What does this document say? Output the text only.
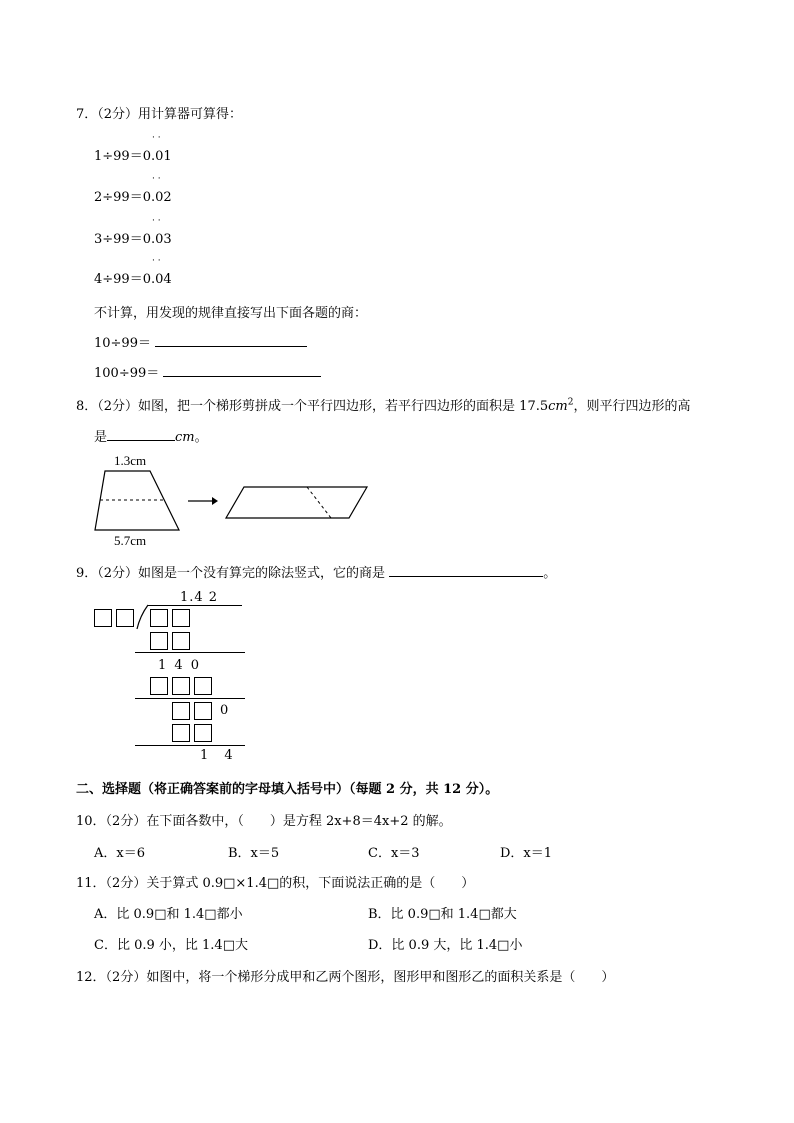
7．（2分）用计算器可算得：
1÷99＝0.01
· ·
2÷99＝0.02
· ·
3÷99＝0.03
· ·
4÷99＝0.04
· ·
不计算，用发现的规律直接写出下面各题的商：
10÷99＝
100÷99＝
8．（2分）如图，把一个梯形剪拼成一个平行四边形，若平行四边形的面积是 $17.5cm^2$，则平行四边形的高
是	cm。
1.3cm
5.7cm
9．（2分）如图是一个没有算完的除法竖式，它的商是	。
1.4 2
1 4 0
0
1 4
二、选择题（将正确答案前的字母填入括号中）（每题 2 分，共 12 分）。
10．（2分）在下面各数中，（　　）是方程 2x+8＝4x+2 的解。
A．x＝6	B．x＝5	C．x＝3	D．x＝1
11．（2分）关于算式 0.9□×1.4□的积，下面说法正确的是（　　）
A．比 0.9□和 1.4□都小	B．比 0.9□和 1.4□都大
C．比 0.9 小，比 1.4□大	D．比 0.9 大，比 1.4□小
12．（2分）如图中，将一个梯形分成甲和乙两个图形，图形甲和图形乙的面积关系是（　　）
